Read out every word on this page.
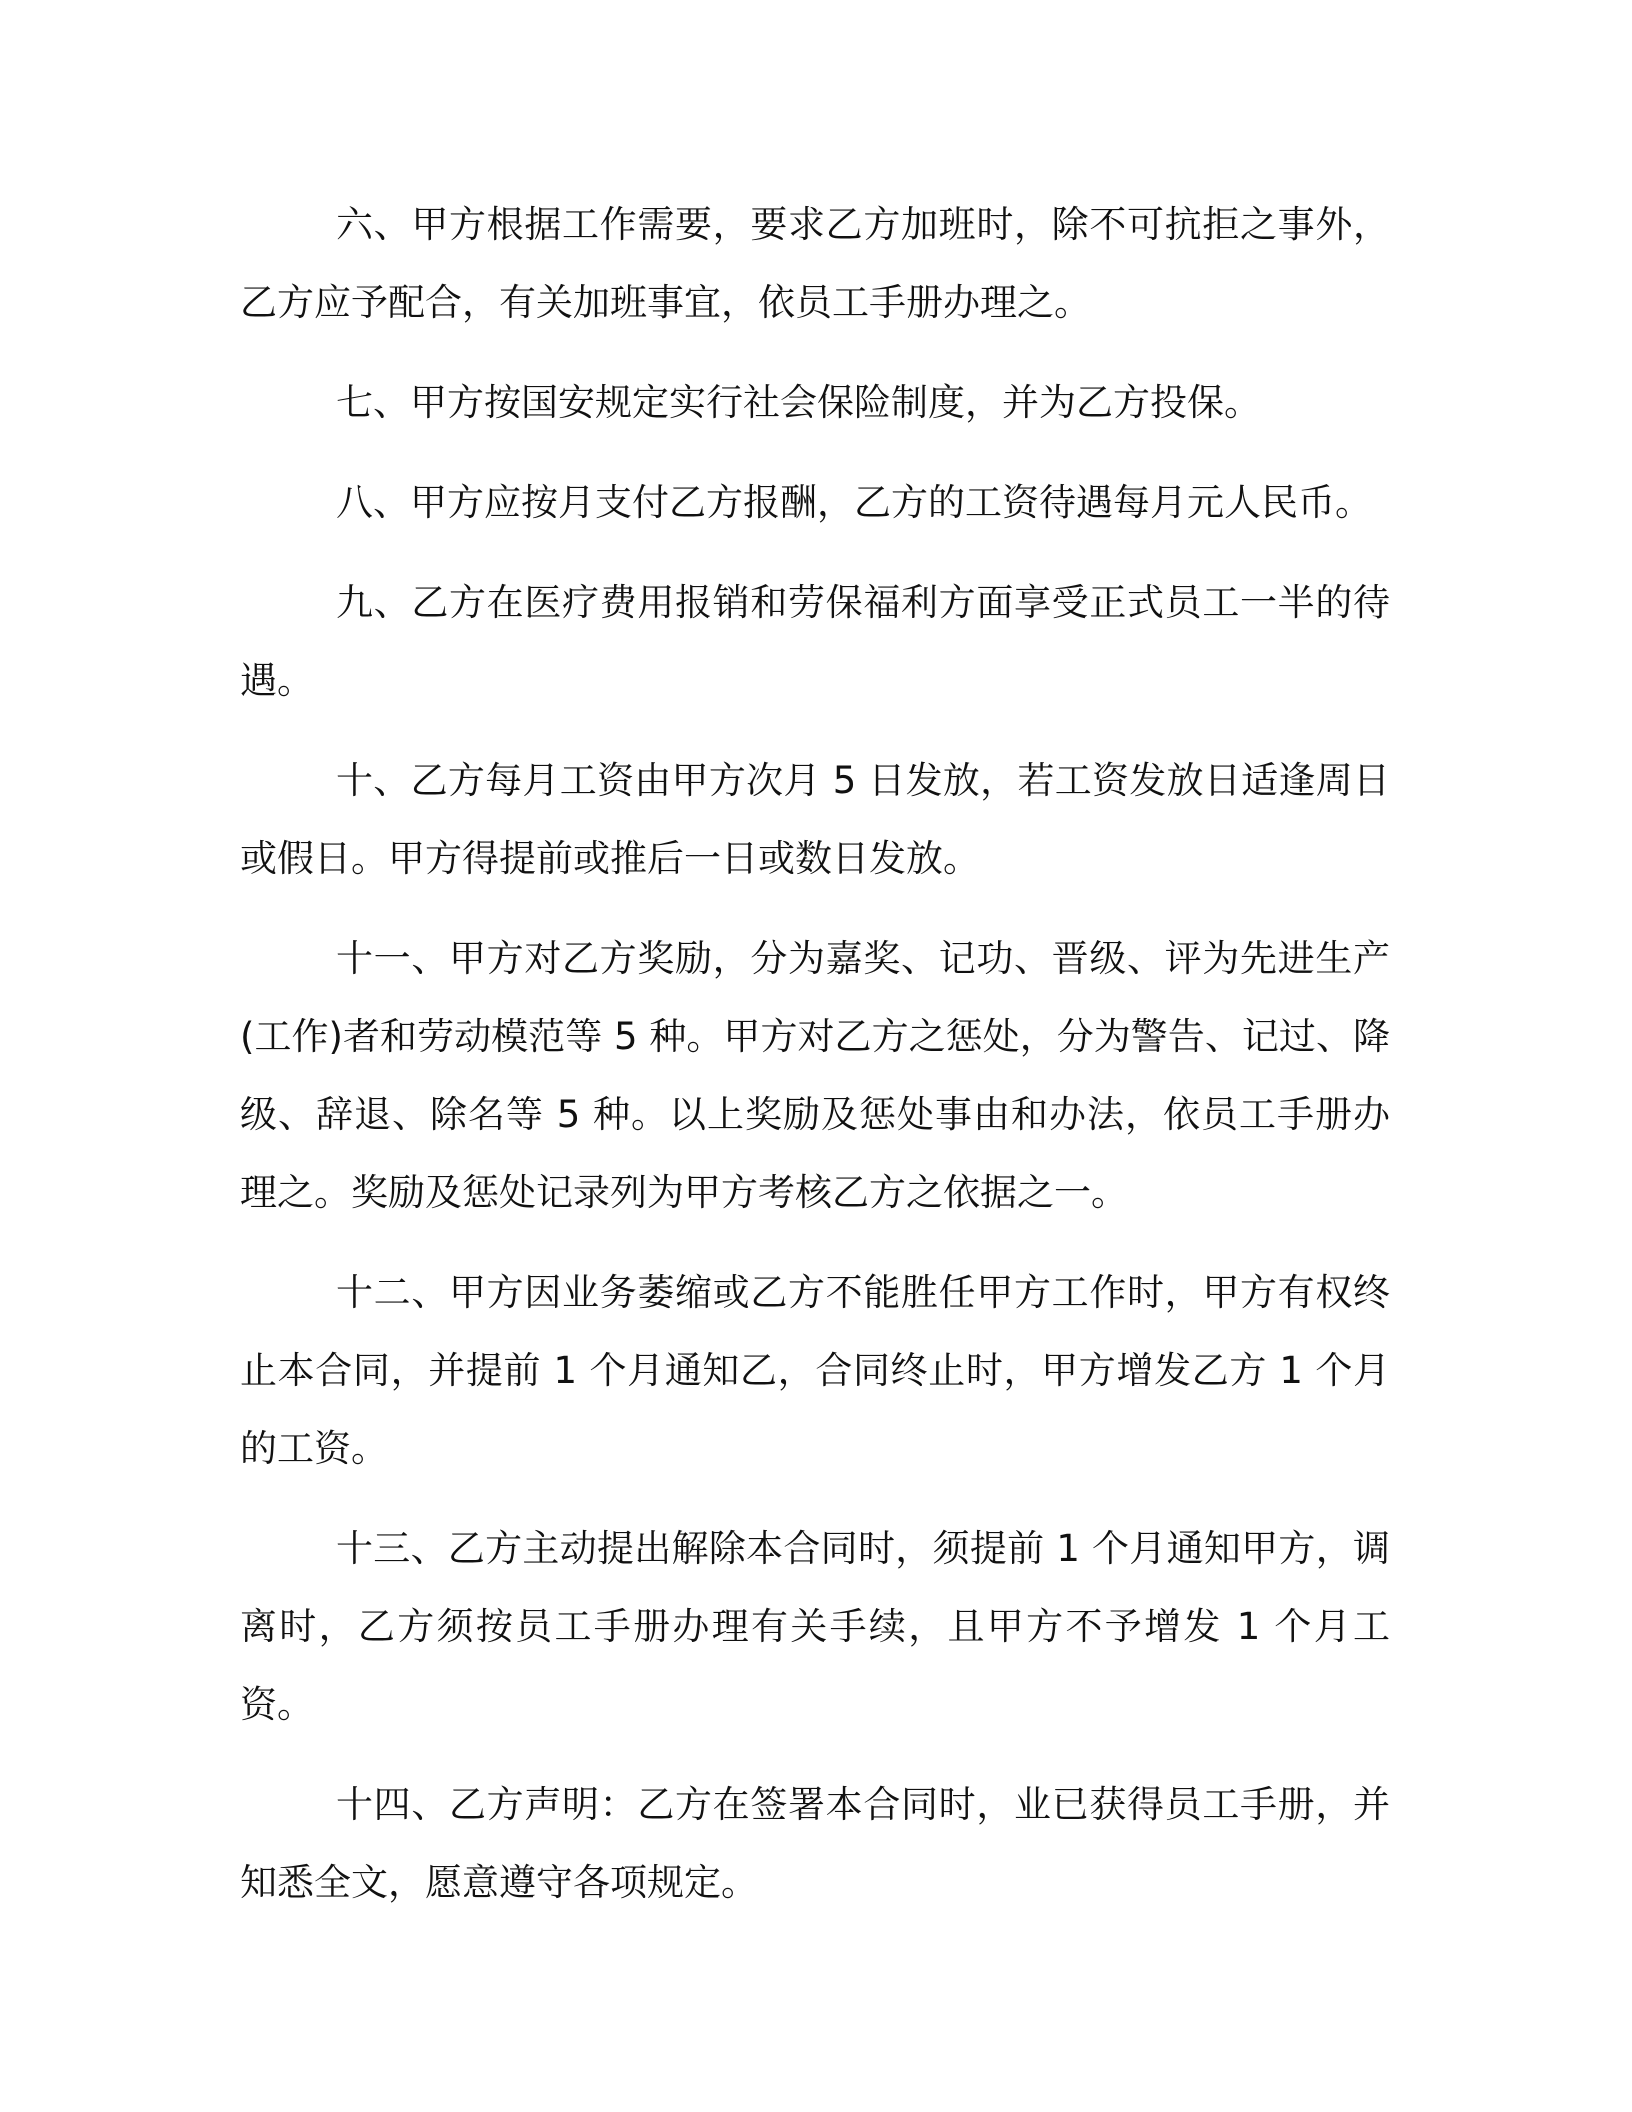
六、甲方根据工作需要，要求乙方加班时，除不可抗拒之事外，乙方应予配合，有关加班事宜，依员工手册办理之。

七、甲方按国安规定实行社会保险制度，并为乙方投保。

八、甲方应按月支付乙方报酬，乙方的工资待遇每月元人民币。

九、乙方在医疗费用报销和劳保福利方面享受正式员工一半的待遇。

十、乙方每月工资由甲方次月 5 日发放，若工资发放日适逢周日或假日。甲方得提前或推后一日或数日发放。

十一、甲方对乙方奖励，分为嘉奖、记功、晋级、评为先进生产(工作)者和劳动模范等 5 种。甲方对乙方之惩处，分为警告、记过、降级、辞退、除名等 5 种。以上奖励及惩处事由和办法，依员工手册办理之。奖励及惩处记录列为甲方考核乙方之依据之一。

十二、甲方因业务萎缩或乙方不能胜任甲方工作时，甲方有权终止本合同，并提前 1 个月通知乙，合同终止时，甲方增发乙方 1 个月的工资。

十三、乙方主动提出解除本合同时，须提前 1 个月通知甲方，调离时，乙方须按员工手册办理有关手续，且甲方不予增发 1 个月工资。

十四、乙方声明：乙方在签署本合同时，业已获得员工手册，并知悉全文，愿意遵守各项规定。
